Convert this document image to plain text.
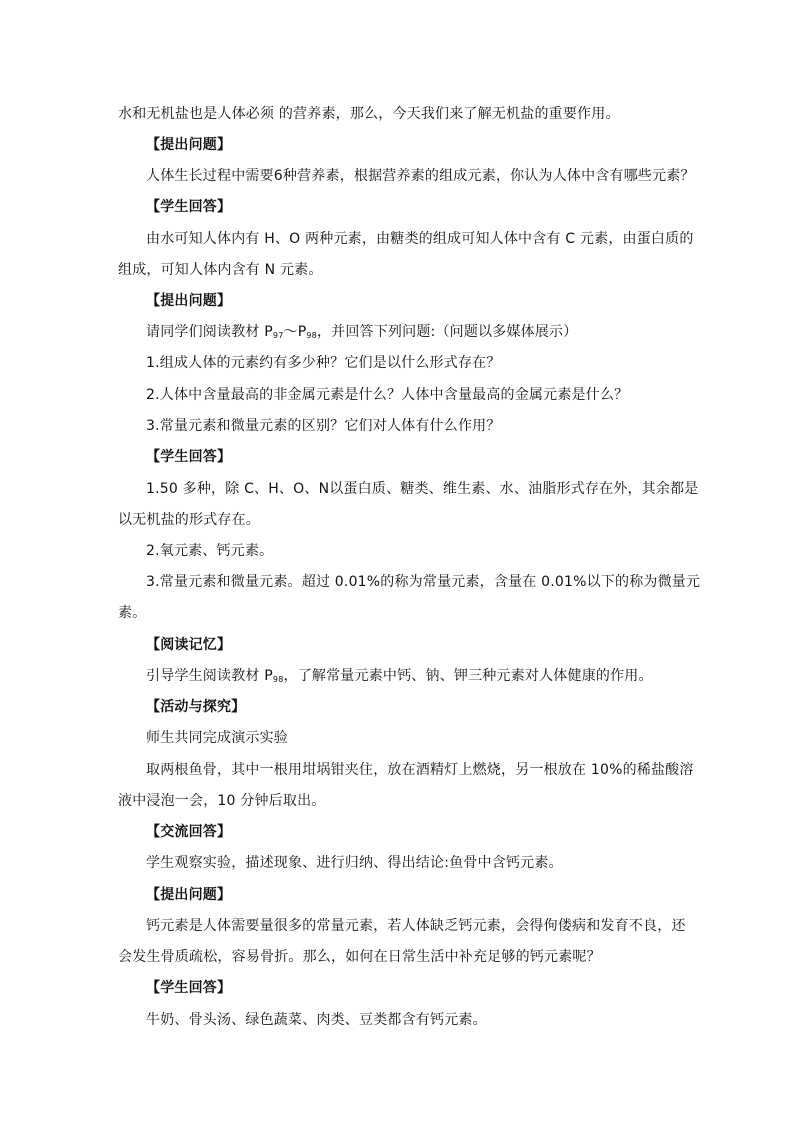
水和无机盐也是人体必须 的营养素，那么，今天我们来了解无机盐的重要作用。
【提出问题】
人体生长过程中需要6种营养素，根据营养素的组成元素，你认为人体中含有哪些元素？
【学生回答】
由水可知人体内有 H、O 两种元素，由糖类的组成可知人体中含有 C 元素，由蛋白质的
组成，可知人体内含有 N 元素。
【提出问题】
请同学们阅读教材 $P_{97}\sim P_{98}$，并回答下列问题:（问题以多媒体展示）
1.组成人体的元素约有多少种？它们是以什么形式存在？
2.人体中含量最高的非金属元素是什么？人体中含量最高的金属元素是什么？
3.常量元素和微量元素的区别？它们对人体有什么作用？
【学生回答】
1.50 多种，除 C、H、O、N以蛋白质、糖类、维生素、水、油脂形式存在外，其余都是
以无机盐的形式存在。
2.氧元素、钙元素。
3.常量元素和微量元素。超过 0.01%的称为常量元素，含量在 0.01%以下的称为微量元
素。
【阅读记忆】
引导学生阅读教材 $P_{98}$，了解常量元素中钙、钠、钾三种元素对人体健康的作用。
【活动与探究】
师生共同完成演示实验
取两根鱼骨，其中一根用坩埚钳夹住，放在酒精灯上燃烧，另一根放在 10%的稀盐酸溶
液中浸泡一会，10 分钟后取出。
【交流回答】
学生观察实验，描述现象、进行归纳、得出结论:鱼骨中含钙元素。
【提出问题】
钙元素是人体需要量很多的常量元素，若人体缺乏钙元素，会得佝偻病和发育不良，还
会发生骨质疏松，容易骨折。那么，如何在日常生活中补充足够的钙元素呢？
【学生回答】
牛奶、骨头汤、绿色蔬菜、肉类、豆类都含有钙元素。
